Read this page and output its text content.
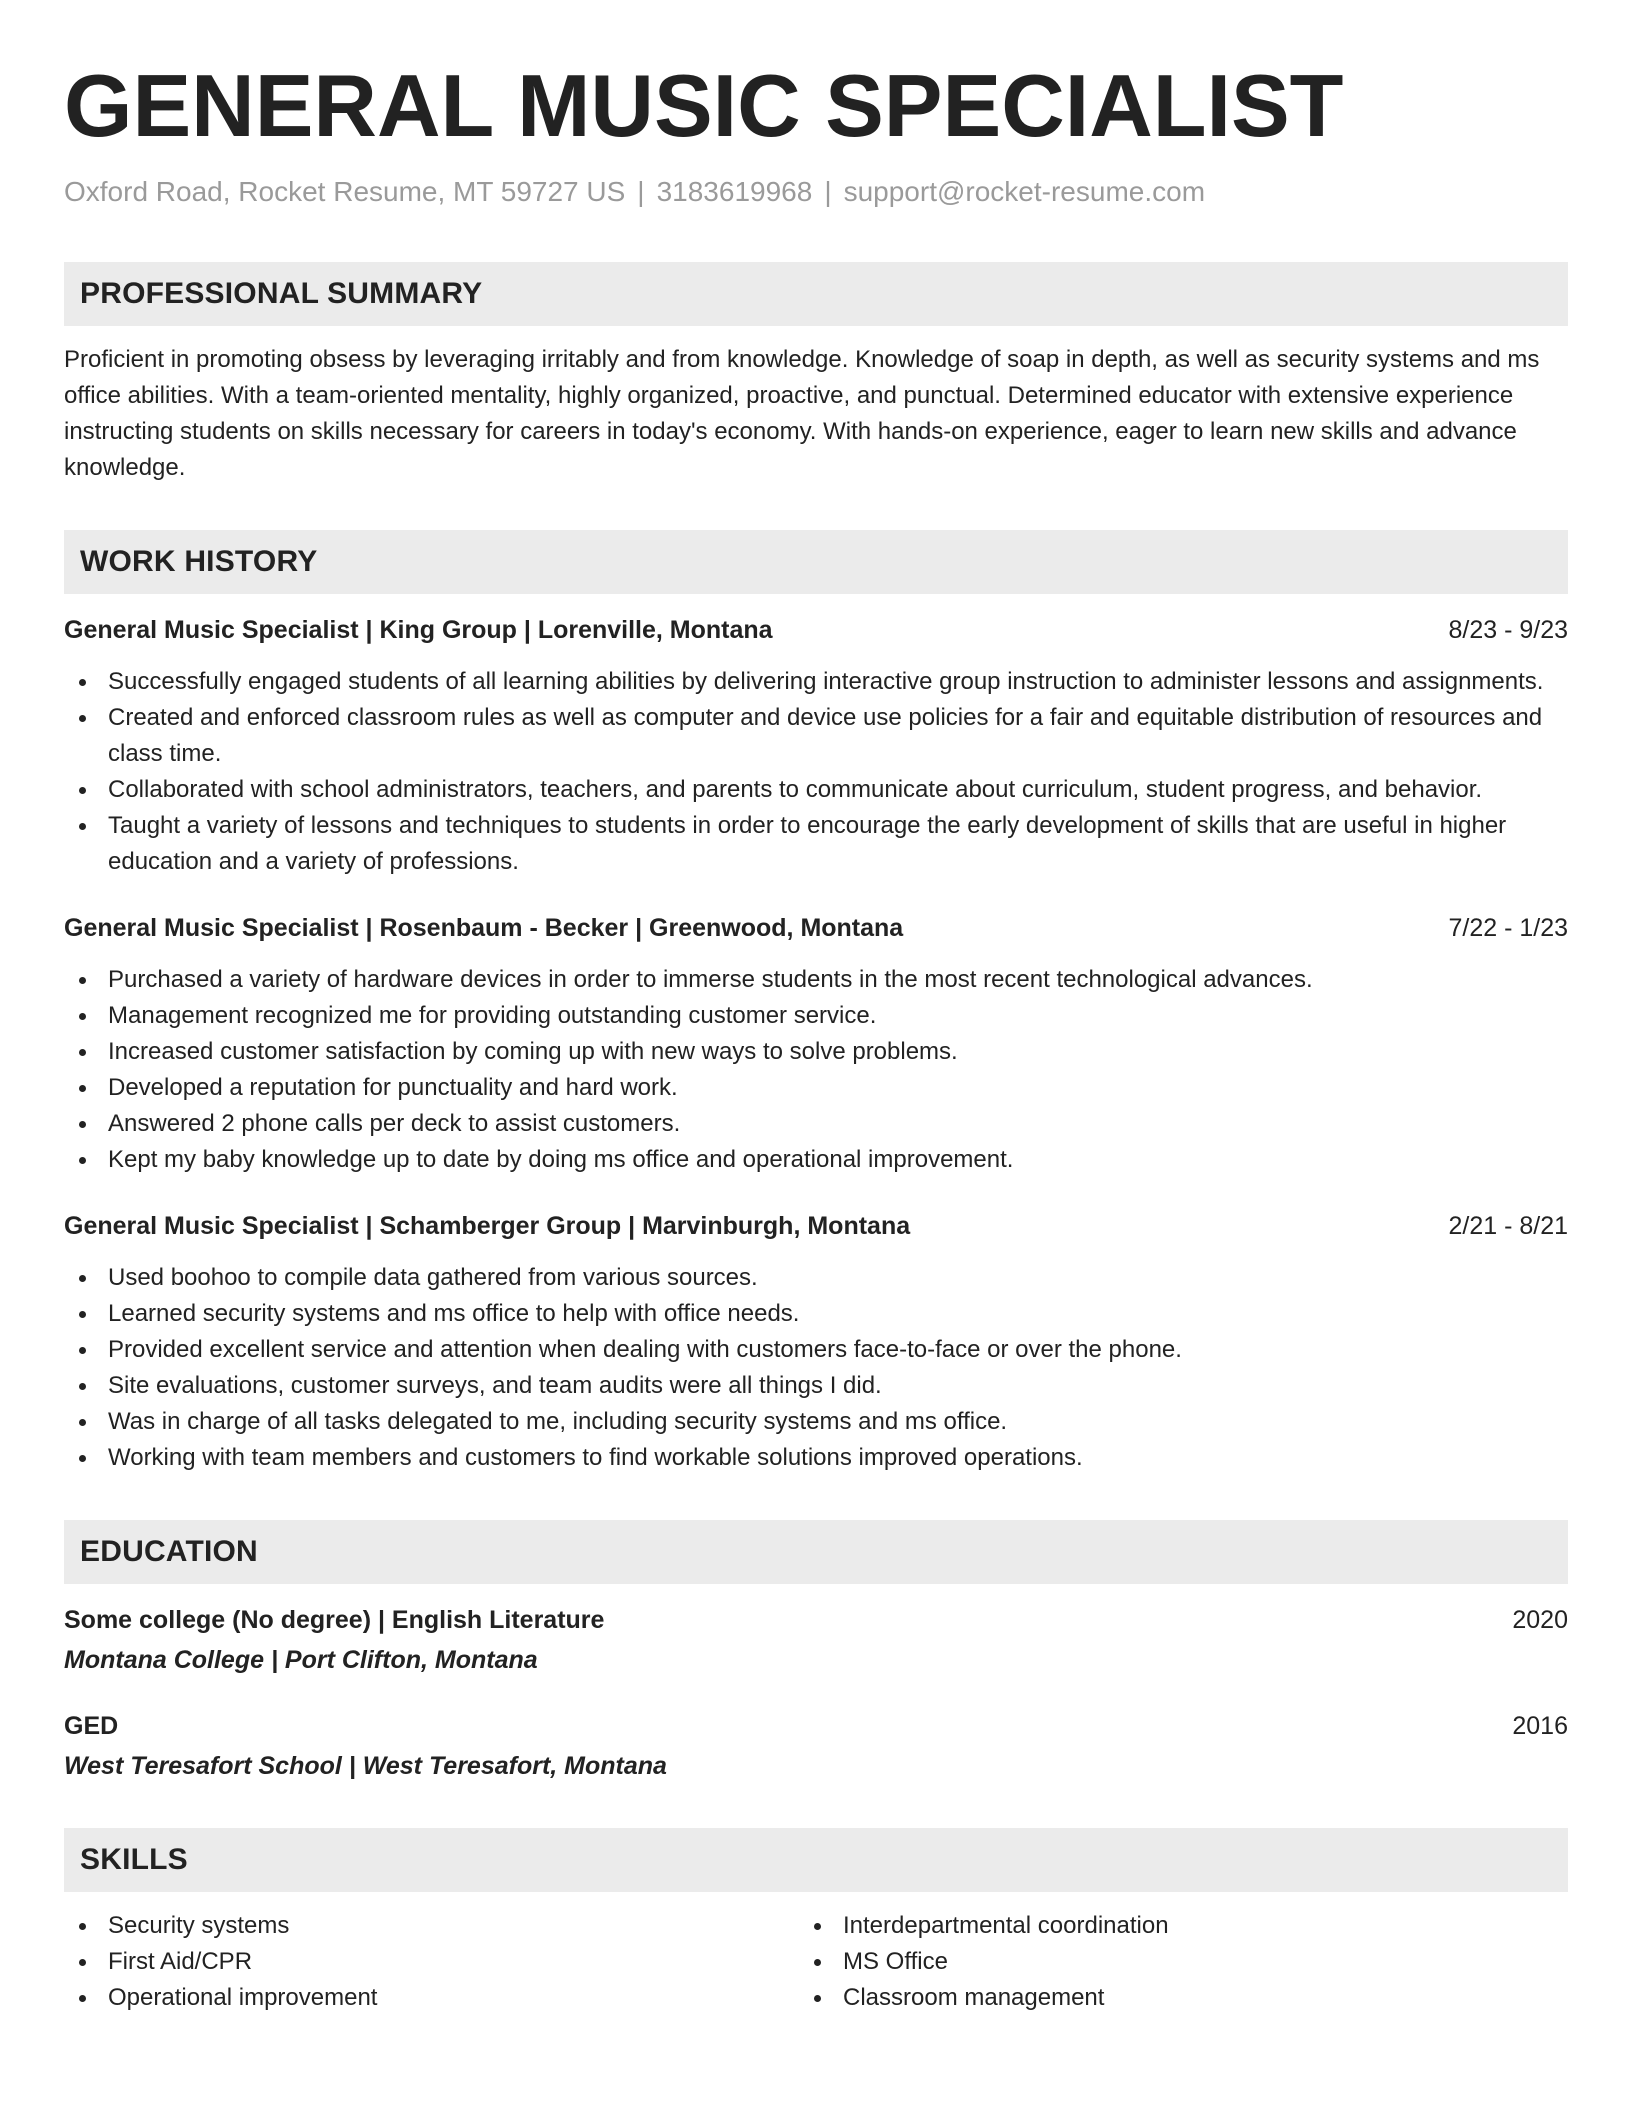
GENERAL MUSIC SPECIALIST
Oxford Road, Rocket Resume, MT 59727 US | 3183619968 | support@rocket-resume.com
PROFESSIONAL SUMMARY

Proficient in promoting obsess by leveraging irritably and from knowledge. Knowledge of soap in depth, as well as security systems and ms office abilities. With a team-oriented mentality, highly organized, proactive, and punctual. Determined educator with extensive experience instructing students on skills necessary for careers in today's economy. With hands-on experience, eager to learn new skills and advance knowledge.

WORK HISTORY
General Music Specialist | King Group | Lorenville, Montana	8/23 - 9/23
Successfully engaged students of all learning abilities by delivering interactive group instruction to administer lessons and assignments.
Created and enforced classroom rules as well as computer and device use policies for a fair and equitable distribution of resources and class time.
Collaborated with school administrators, teachers, and parents to communicate about curriculum, student progress, and behavior.
Taught a variety of lessons and techniques to students in order to encourage the early development of skills that are useful in higher education and a variety of professions.
General Music Specialist | Rosenbaum - Becker | Greenwood, Montana	7/22 - 1/23
Purchased a variety of hardware devices in order to immerse students in the most recent technological advances.
Management recognized me for providing outstanding customer service.
Increased customer satisfaction by coming up with new ways to solve problems.
Developed a reputation for punctuality and hard work.
Answered 2 phone calls per deck to assist customers.
Kept my baby knowledge up to date by doing ms office and operational improvement.
General Music Specialist | Schamberger Group | Marvinburgh, Montana	2/21 - 8/21
Used boohoo to compile data gathered from various sources.
Learned security systems and ms office to help with office needs.
Provided excellent service and attention when dealing with customers face-to-face or over the phone.
Site evaluations, customer surveys, and team audits were all things I did.
Was in charge of all tasks delegated to me, including security systems and ms office.
Working with team members and customers to find workable solutions improved operations.
EDUCATION
Some college (No degree) | English Literature	2020
Montana College | Port Clifton, Montana
GED	2016
West Teresafort School | West Teresafort, Montana
SKILLS
Security systems
First Aid/CPR
Operational improvement
Interdepartmental coordination
MS Office
Classroom management
